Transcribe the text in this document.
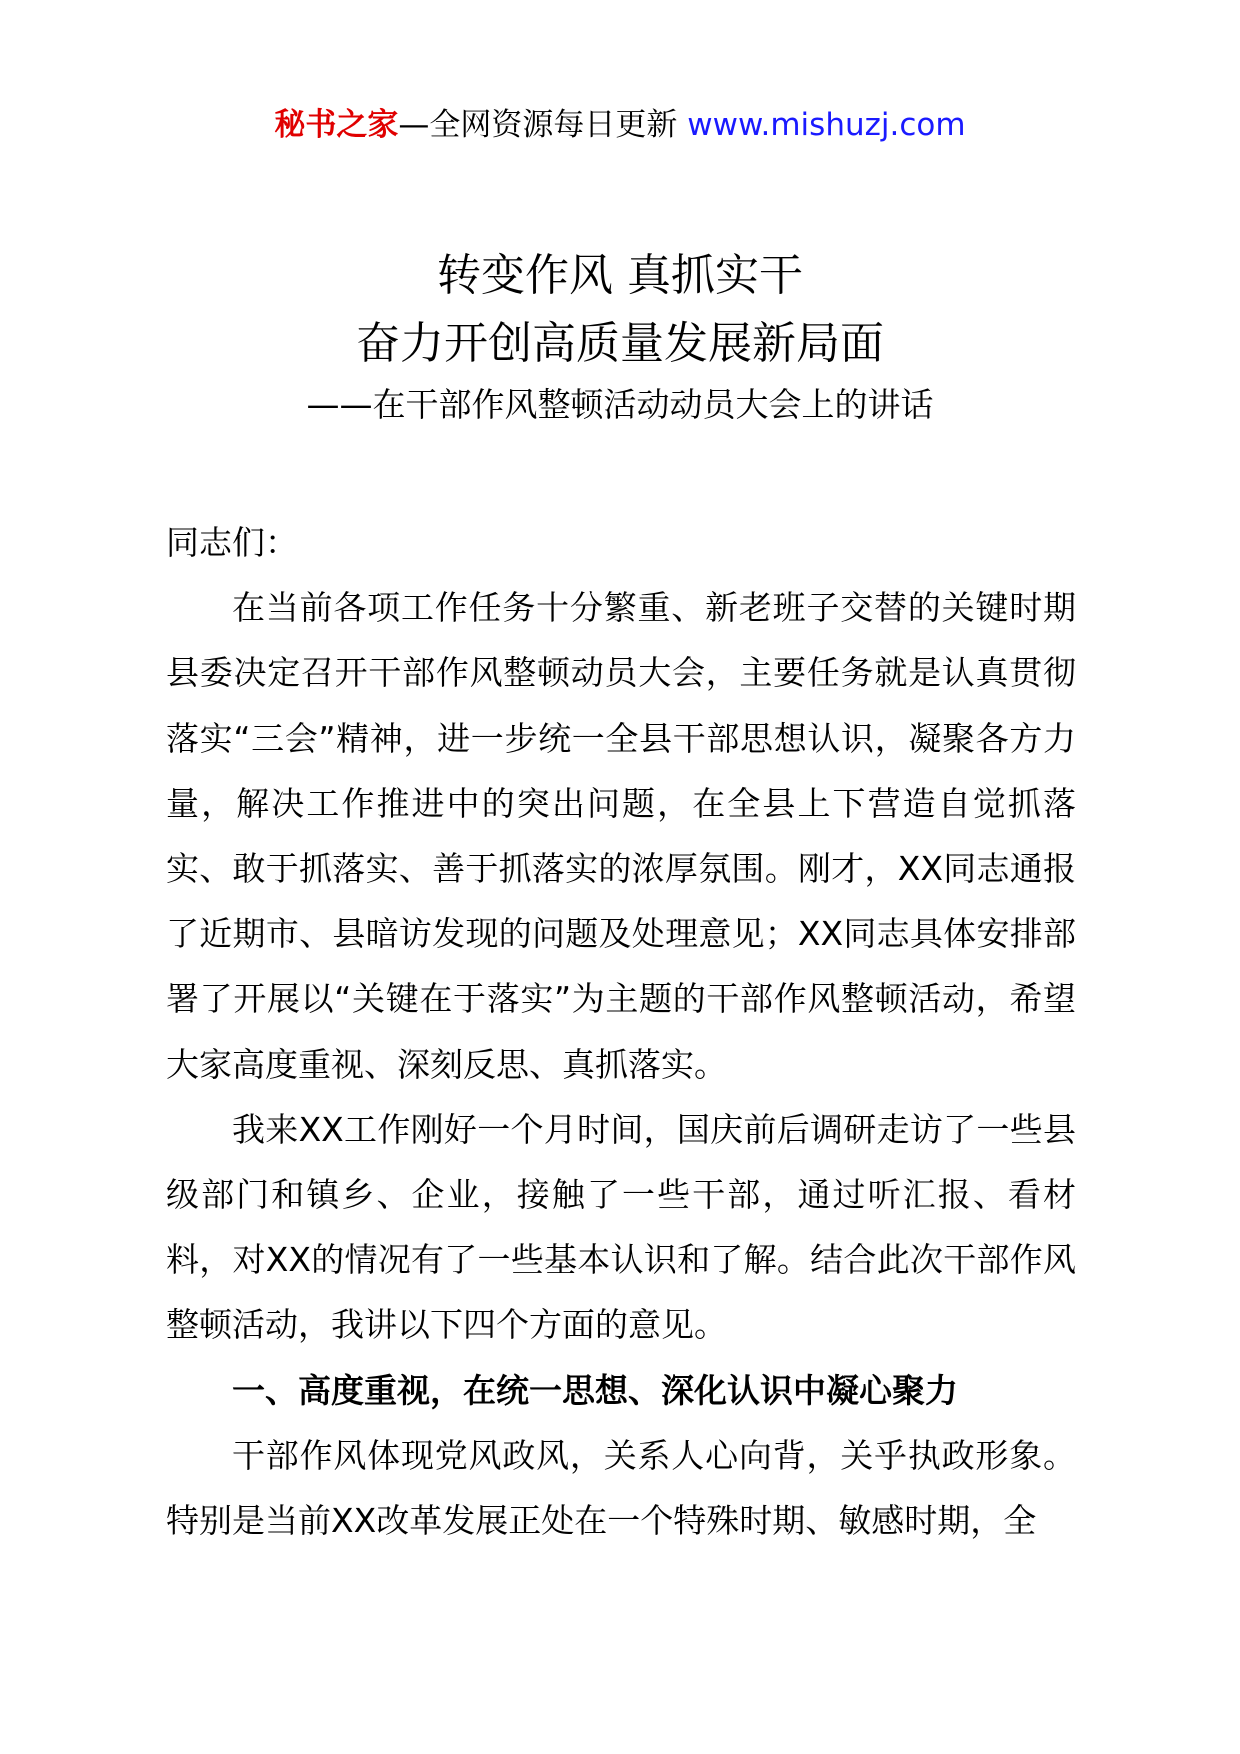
秘书之家—全网资源每日更新 www.mishuzj.com
转变作风 真抓实干
奋力开创高质量发展新局面
——在干部作风整顿活动动员大会上的讲话

同志们：

在当前各项工作任务十分繁重、新老班子交替的关键时期县委决定召开干部作风整顿动员大会，主要任务就是认真贯彻落实“三会”精神，进一步统一全县干部思想认识，凝聚各方力量，解决工作推进中的突出问题，在全县上下营造自觉抓落实、敢于抓落实、善于抓落实的浓厚氛围。刚才，XX同志通报了近期市、县暗访发现的问题及处理意见；XX同志具体安排部署了开展以“关键在于落实”为主题的干部作风整顿活动，希望大家高度重视、深刻反思、真抓落实。

我来XX工作刚好一个月时间，国庆前后调研走访了一些县级部门和镇乡、企业，接触了一些干部，通过听汇报、看材料，对XX的情况有了一些基本认识和了解。结合此次干部作风整顿活动，我讲以下四个方面的意见。

一、高度重视，在统一思想、深化认识中凝心聚力

干部作风体现党风政风，关系人心向背，关乎执政形象。特别是当前XX改革发展正处在一个特殊时期、敏感时期，全
